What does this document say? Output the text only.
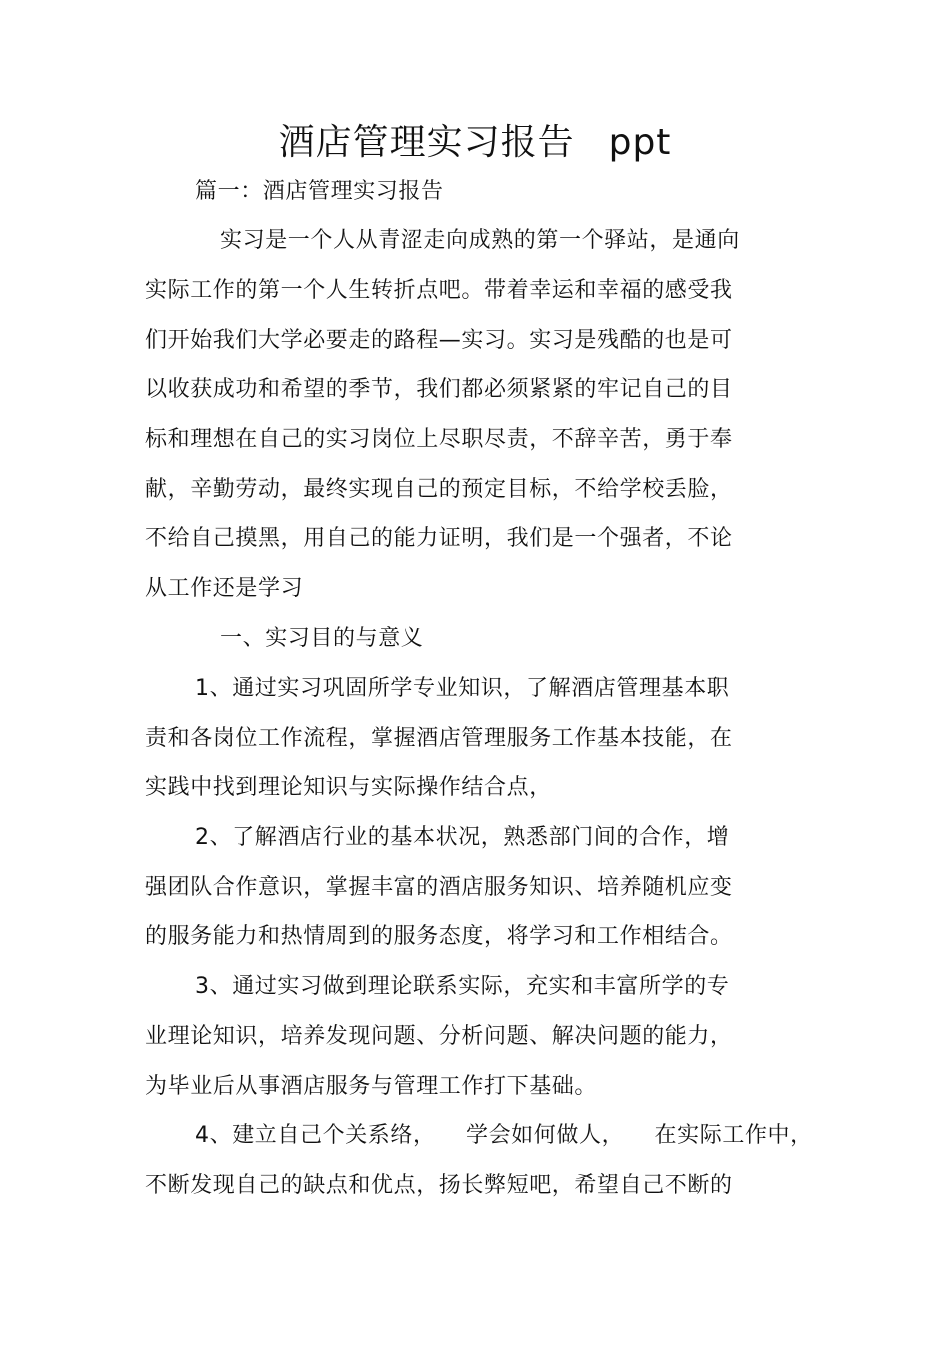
酒店管理实习报告 ppt
篇一：酒店管理实习报告
实习是一个人从青涩走向成熟的第一个驿站，是通向
实际工作的第一个人生转折点吧。带着幸运和幸福的感受我
们开始我们大学必要走的路程—实习。实习是残酷的也是可
以收获成功和希望的季节，我们都必须紧紧的牢记自己的目
标和理想在自己的实习岗位上尽职尽责，不辞辛苦，勇于奉
献，辛勤劳动，最终实现自己的预定目标，不给学校丢脸，
不给自己摸黑，用自己的能力证明，我们是一个强者，不论
从工作还是学习
一、实习目的与意义
1、通过实习巩固所学专业知识，了解酒店管理基本职
责和各岗位工作流程，掌握酒店管理服务工作基本技能，在
实践中找到理论知识与实际操作结合点，
2、了解酒店行业的基本状况，熟悉部门间的合作，增
强团队合作意识，掌握丰富的酒店服务知识、培养随机应变
的服务能力和热情周到的服务态度，将学习和工作相结合。
3、通过实习做到理论联系实际，充实和丰富所学的专
业理论知识，培养发现问题、分析问题、解决问题的能力，
为毕业后从事酒店服务与管理工作打下基础。
4、建立自己个关系络，    学会如何做人，    在实际工作中，
不断发现自己的缺点和优点，扬长弊短吧，希望自己不断的
